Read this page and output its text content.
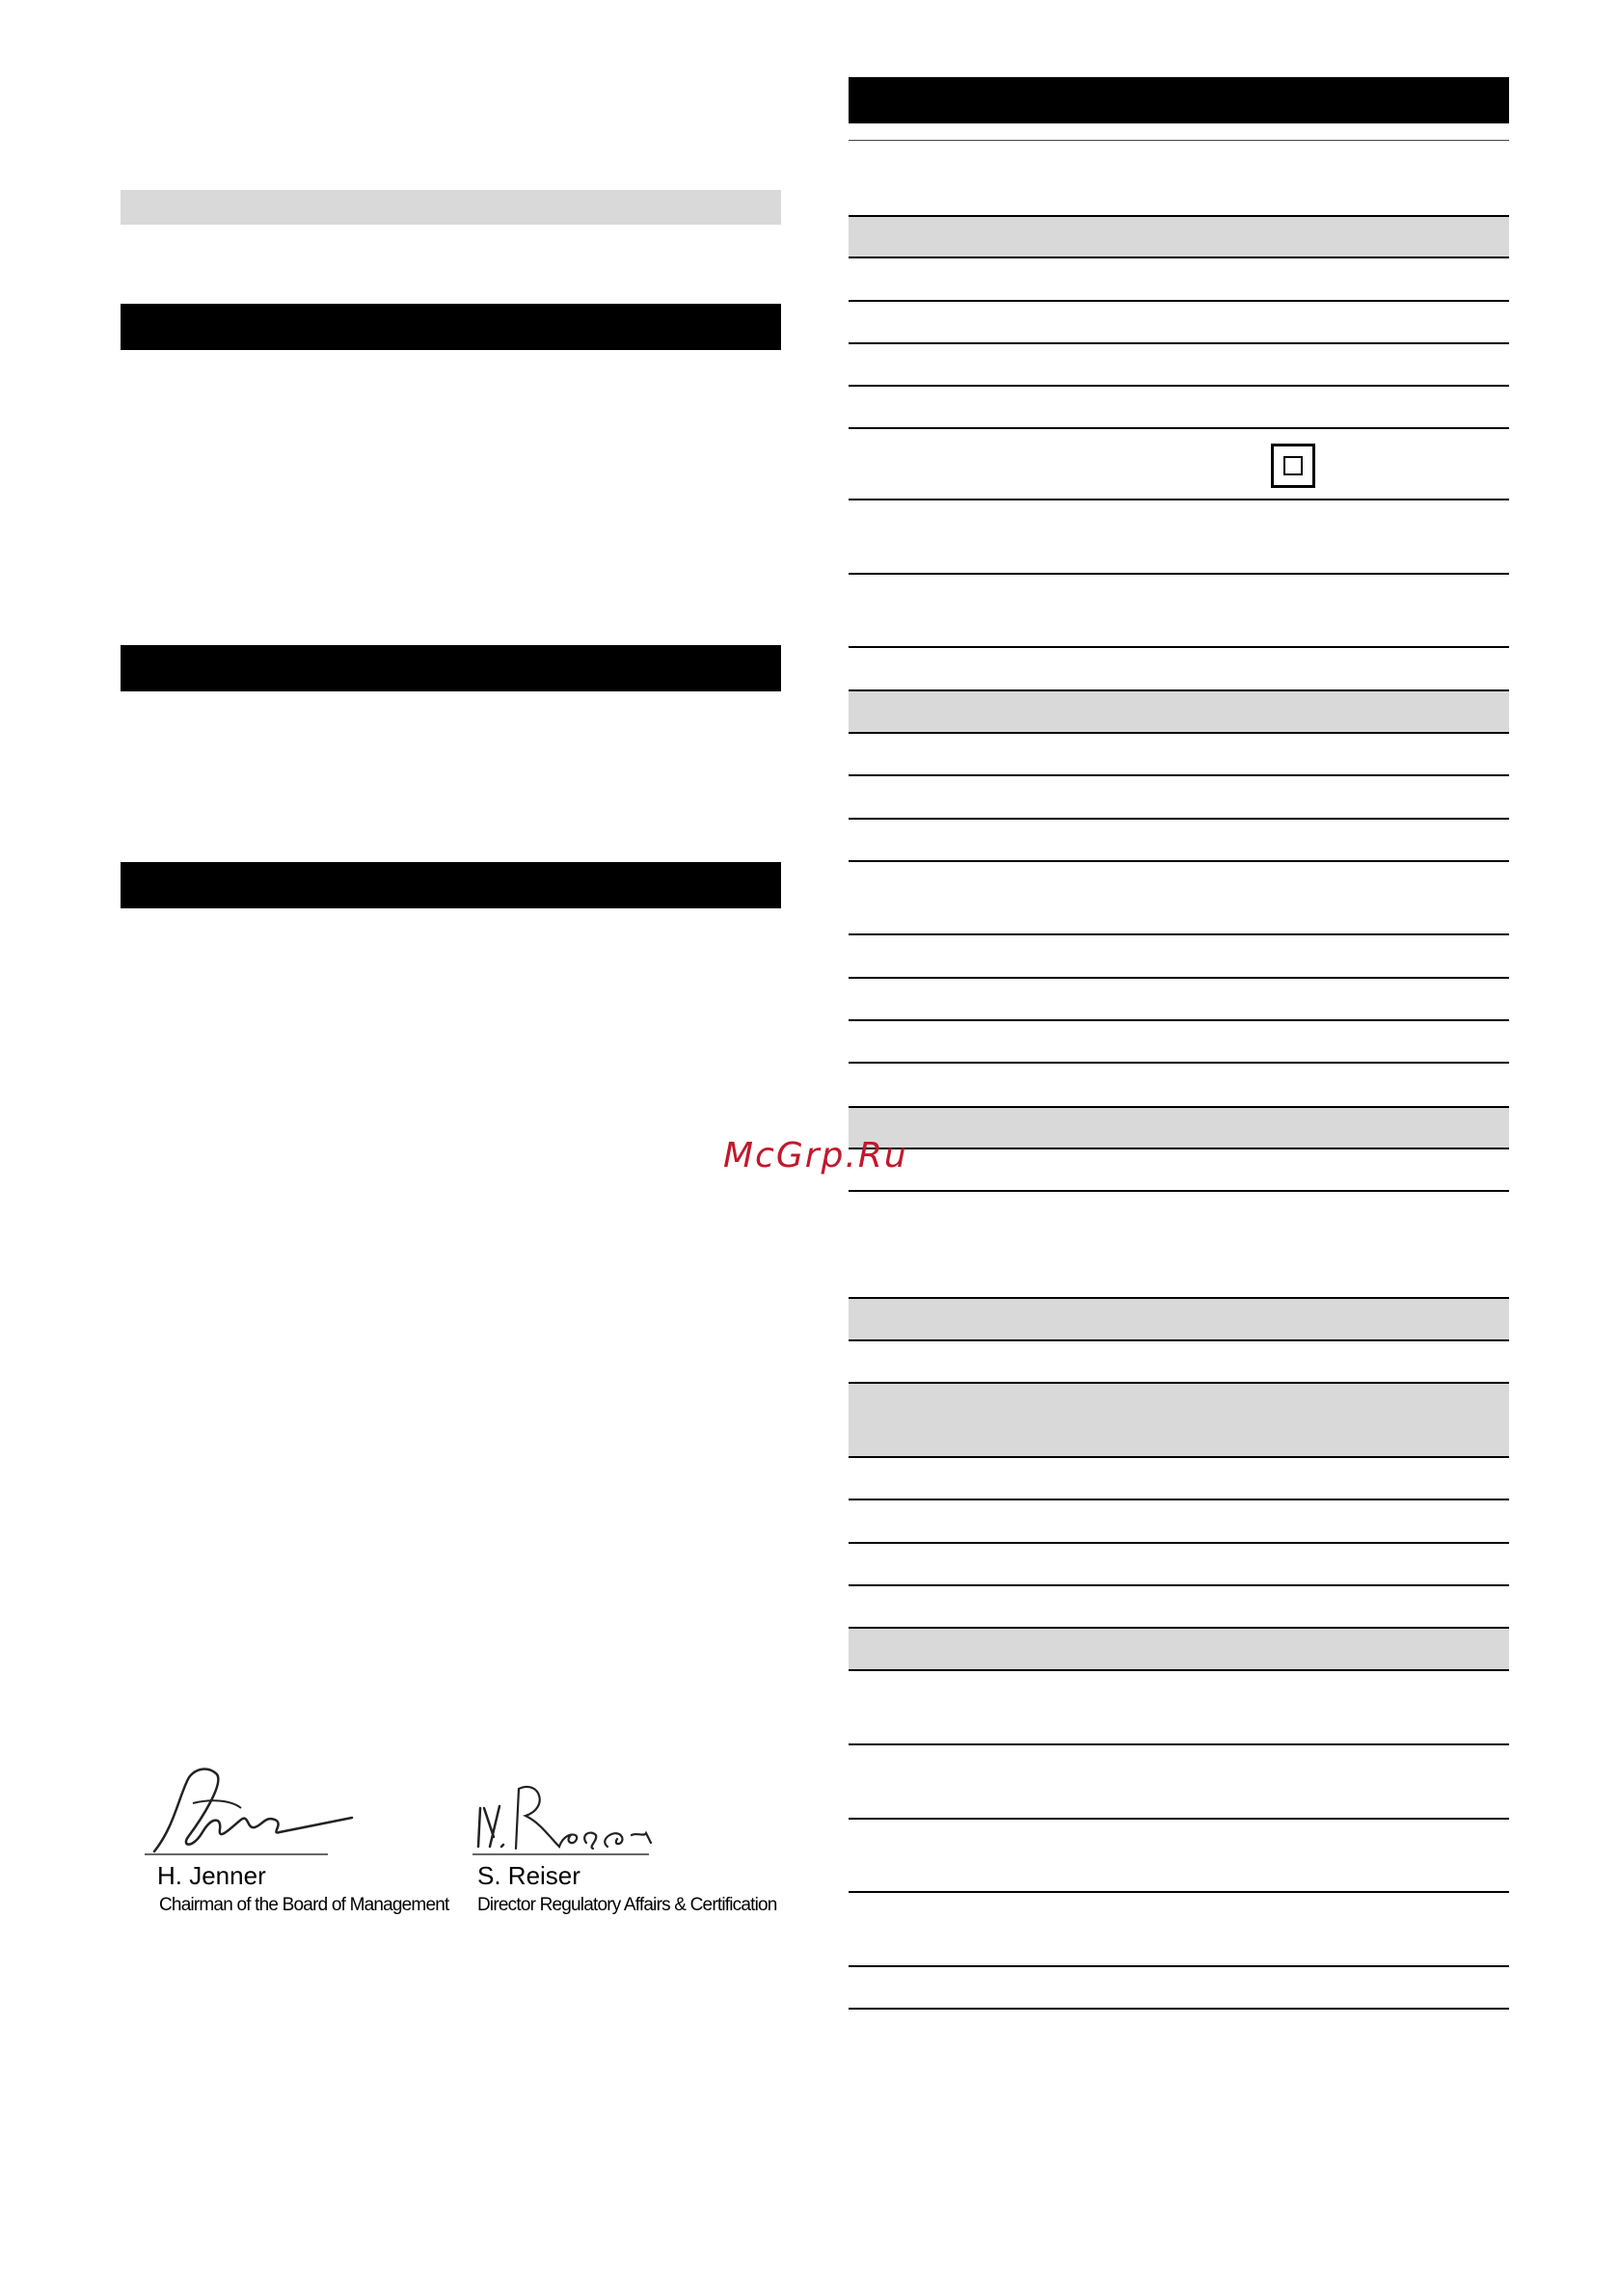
H. Jenner
Chairman of the Board of Management
S. Reiser
Director Regulatory Affairs & Certification
McGrp.Ru
